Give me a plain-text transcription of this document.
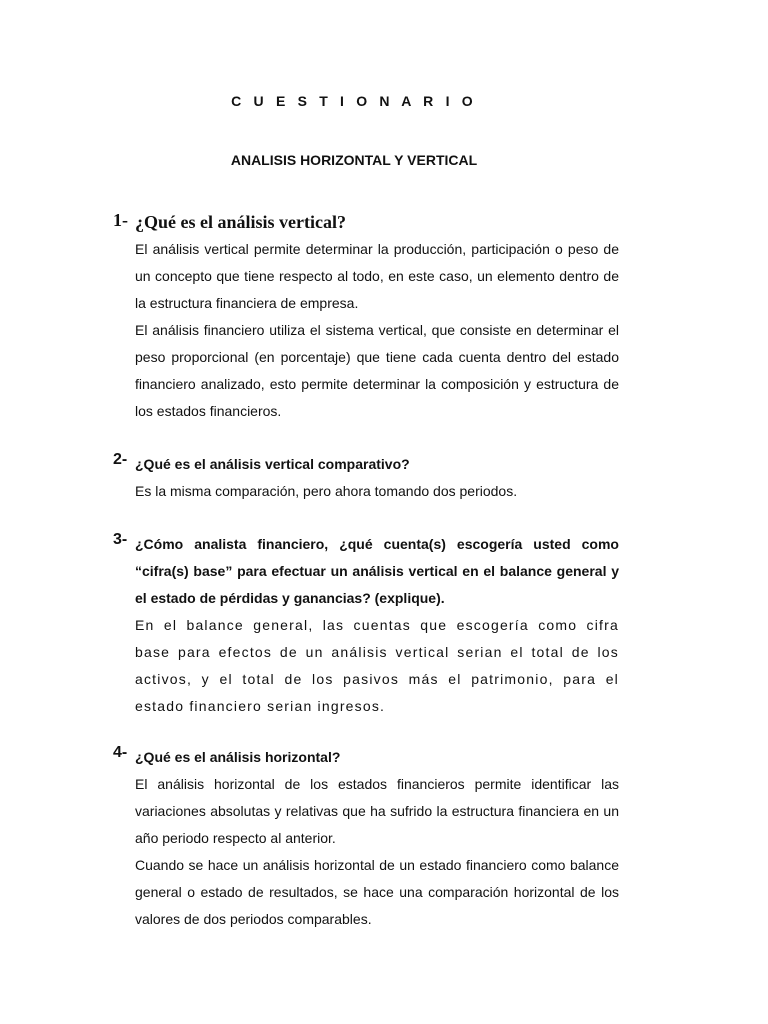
C U E S T I O N A R I O
ANALISIS HORIZONTAL Y VERTICAL
1- ¿Qué es el análisis vertical?

El análisis vertical permite determinar la producción, participación o peso de un concepto que tiene respecto al todo, en este caso, un elemento dentro de la estructura financiera de empresa.

El análisis financiero utiliza el sistema vertical, que consiste en determinar el peso proporcional (en porcentaje) que tiene cada cuenta dentro del estado financiero analizado, esto permite determinar la composición y estructura de los estados financieros.

2- ¿Qué es el análisis vertical comparativo?

Es la misma comparación, pero ahora tomando dos periodos.

3- ¿Cómo analista financiero, ¿qué cuenta(s) escogería usted como “cifra(s) base” para efectuar un análisis vertical en el balance general y el estado de pérdidas y ganancias? (explique).

En el balance general, las cuentas que escogería como cifra base para efectos de un análisis vertical serian el total de los activos, y el total de los pasivos más el patrimonio, para el estado financiero serian ingresos.

4- ¿Qué es el análisis horizontal?

El análisis horizontal de los estados financieros permite identificar las variaciones absolutas y relativas que ha sufrido la estructura financiera en un año periodo respecto al anterior.

Cuando se hace un análisis horizontal de un estado financiero como balance general o estado de resultados, se hace una comparación horizontal de los valores de dos periodos comparables.
